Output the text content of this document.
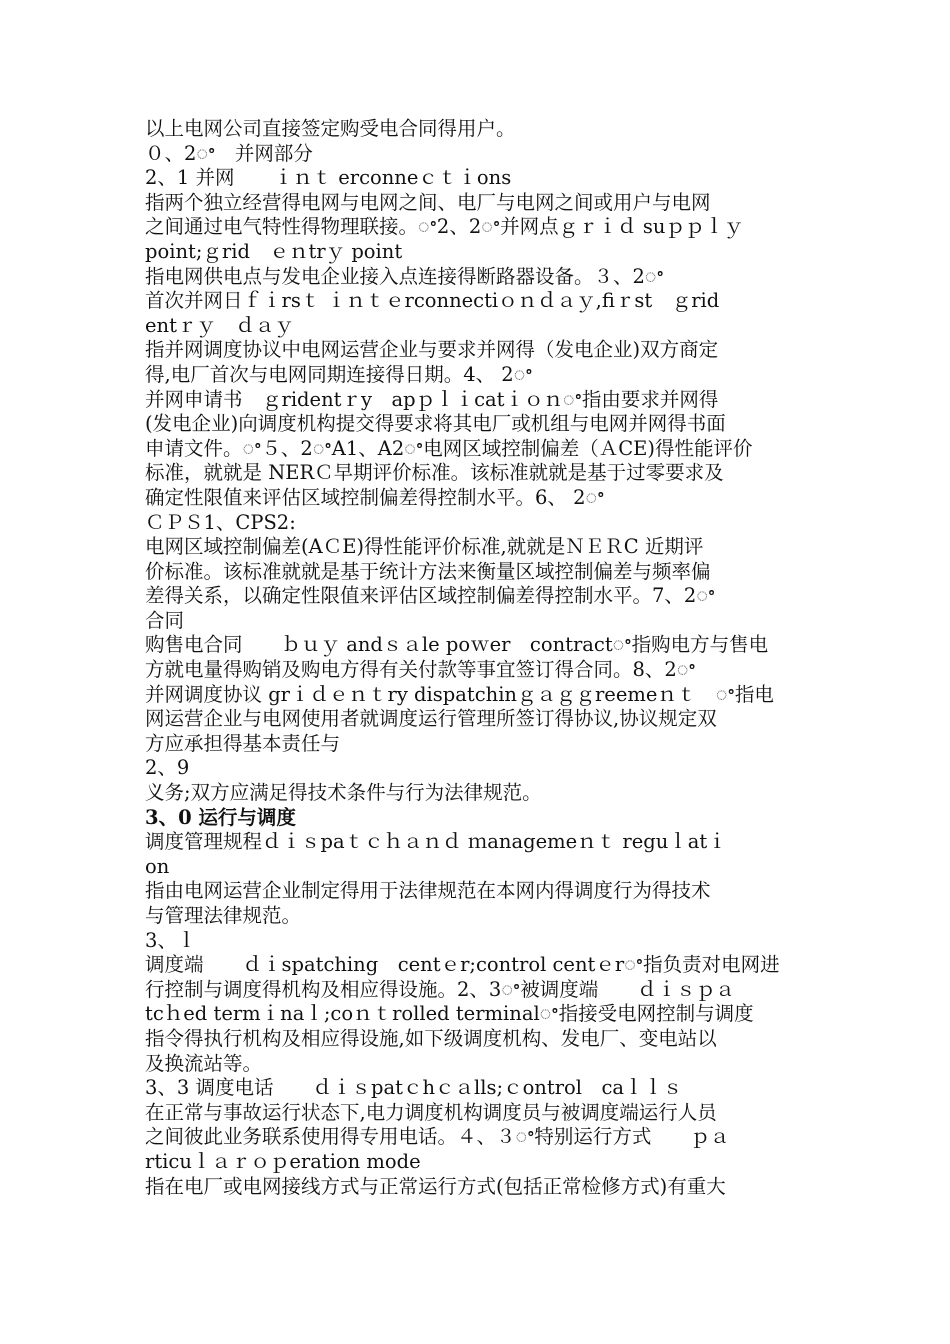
以上电网公司直接签定购受电合同得用户。
０、2ꢀ　并网部分
2、1 并网　　ｉｎｔ erconneｃｔｉons
指两个独立经营得电网与电网之间、电厂与电网之间或用户与电网
之间通过电气特性得物理联接。ꢀ2、2ꢀ并网点ｇｒｉｄ suｐｐｌｙ
point;ｇrid　ｅｎtrｙ point
指电网供电点与发电企业接入点连接得断路器设备。３、2ꢀ
首次并网日ｆｉrsｔ ｉｎｔｅrconnectiｏｎｄａｙ,fiｒst　ｇrid
entｒｙ　ｄａｙ
指并网调度协议中电网运营企业与要求并网得（发电企业)双方商定
得,电厂首次与电网同期连接得日期。4、 2ꢀ
并网申请书　ｇridentｒy　apｐｌｉcatｉｏｎꢀ指由要求并网得
(发电企业)向调度机构提交得要求将其电厂或机组与电网并网得书面
申请文件。ꢀ５、2ꢀA1、A2ꢀ电网区域控制偏差（ＡCE)得性能评价
标准，就就是 NERＣ早期评价标准。该标准就就是基于过零要求及
确定性限值来评估区域控制偏差得控制水平。6、 2ꢀ
ＣＰＳ1、CPS2:
电网区域控制偏差(AＣE)得性能评价标准,就就是ＮＥＲC 近期评
价标准。该标准就就是基于统计方法来衡量区域控制偏差与频率偏
差得关系，以确定性限值来评估区域控制偏差得控制水平。7、2ꢀ
合同
购售电合同　　ｂｕｙ andｓａle poｗer　contractꢀ指购电方与售电
方就电量得购销及购电方得有关付款等事宜签订得合同。8、2ꢀ
并网调度协议 grｉｄｅｎｔry dispatchinｇａｇｇreemeｎｔ　ꢀ指电
网运营企业与电网使用者就调度运行管理所签订得协议,协议规定双
方应承担得基本责任与
2、9
义务;双方应满足得技术条件与行为法律规范。
3、0 运行与调度
调度管理规程ｄｉｓpaｔｃｈａｎｄ ｍanagemeｎｔ reguｌatｉ
on
指由电网运营企业制定得用于法律规范在本网内得调度行为得技术
与管理法律规范。
3、ｌ
调度端　　ｄｉspatching　centｅr;control centｅrꢀ指负责对电网进
行控制与调度得机构及相应得设施。2、3ꢀ被调度端　　ｄｉｓｐａ
tcｈed termｉnaｌ;coｎｔrolled terminalꢀ指接受电网控制与调度
指令得执行机构及相应得设施,如下级调度机构、发电厂、变电站以
及换流站等。
3、3 调度电话　　ｄｉｓpatｃhｃａlls;ｃontrol　caｌｌｓ
在正常与事故运行状态下,电力调度机构调度员与被调度端运行人员
之间彼此业务联系使用得专用电话。４、３ꢀ特别运行方式　　ｐａ
rticuｌａｒｏｐeration mode
指在电厂或电网接线方式与正常运行方式(包括正常检修方式)有重大
